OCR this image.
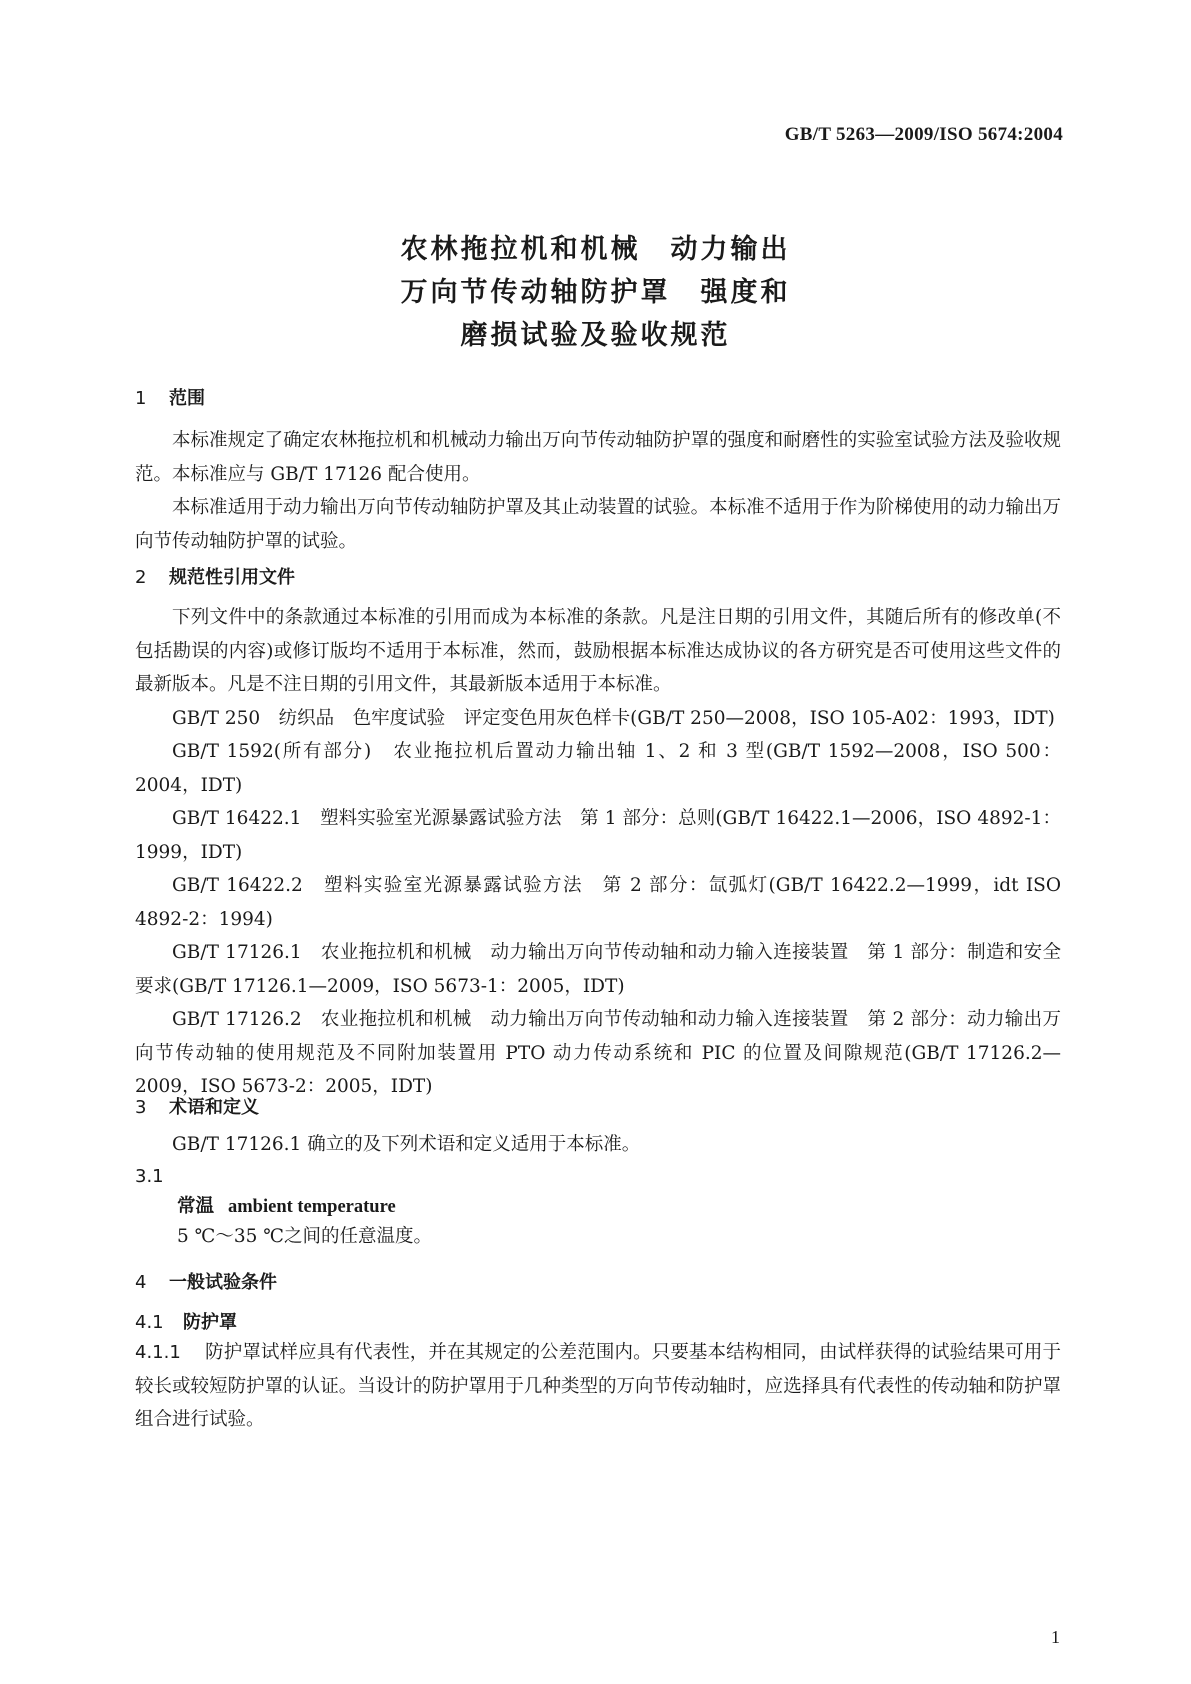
GB/T 5263—2009/ISO 5674:2004
农林拖拉机和机械　动力输出
万向节传动轴防护罩　强度和
磨损试验及验收规范
1 范围

本标准规定了确定农林拖拉机和机械动力输出万向节传动轴防护罩的强度和耐磨性的实验室试验方法及验收规范。本标准应与 GB/T 17126 配合使用。

本标准适用于动力输出万向节传动轴防护罩及其止动装置的试验。本标准不适用于作为阶梯使用的动力输出万向节传动轴防护罩的试验。

2 规范性引用文件

下列文件中的条款通过本标准的引用而成为本标准的条款。凡是注日期的引用文件，其随后所有的修改单(不包括勘误的内容)或修订版均不适用于本标准，然而，鼓励根据本标准达成协议的各方研究是否可使用这些文件的最新版本。凡是不注日期的引用文件，其最新版本适用于本标准。

GB/T 250　纺织品　色牢度试验　评定变色用灰色样卡(GB/T 250—2008，ISO 105-A02：1993，IDT)
GB/T 1592(所有部分)　农业拖拉机后置动力输出轴 1、2 和 3 型(GB/T 1592—2008，ISO 500：2004，IDT)
GB/T 16422.1　塑料实验室光源暴露试验方法　第 1 部分：总则(GB/T 16422.1—2006，ISO 4892-1：1999，IDT)
GB/T 16422.2　塑料实验室光源暴露试验方法　第 2 部分：氙弧灯(GB/T 16422.2—1999，idt ISO 4892-2：1994)
GB/T 17126.1　农业拖拉机和机械　动力输出万向节传动轴和动力输入连接装置　第 1 部分：制造和安全要求(GB/T 17126.1—2009，ISO 5673-1：2005，IDT)
GB/T 17126.2　农业拖拉机和机械　动力输出万向节传动轴和动力输入连接装置　第 2 部分：动力输出万向节传动轴的使用规范及不同附加装置用 PTO 动力传动系统和 PIC 的位置及间隙规范(GB/T 17126.2—2009，ISO 5673-2：2005，IDT)
3 术语和定义

GB/T 17126.1 确立的及下列术语和定义适用于本标准。

3.1
常温 ambient temperature
5 ℃～35 ℃之间的任意温度。
4 一般试验条件
4.1 防护罩

4.1.1 防护罩试样应具有代表性，并在其规定的公差范围内。只要基本结构相同，由试样获得的试验结果可用于较长或较短防护罩的认证。当设计的防护罩用于几种类型的万向节传动轴时，应选择具有代表性的传动轴和防护罩组合进行试验。

1
